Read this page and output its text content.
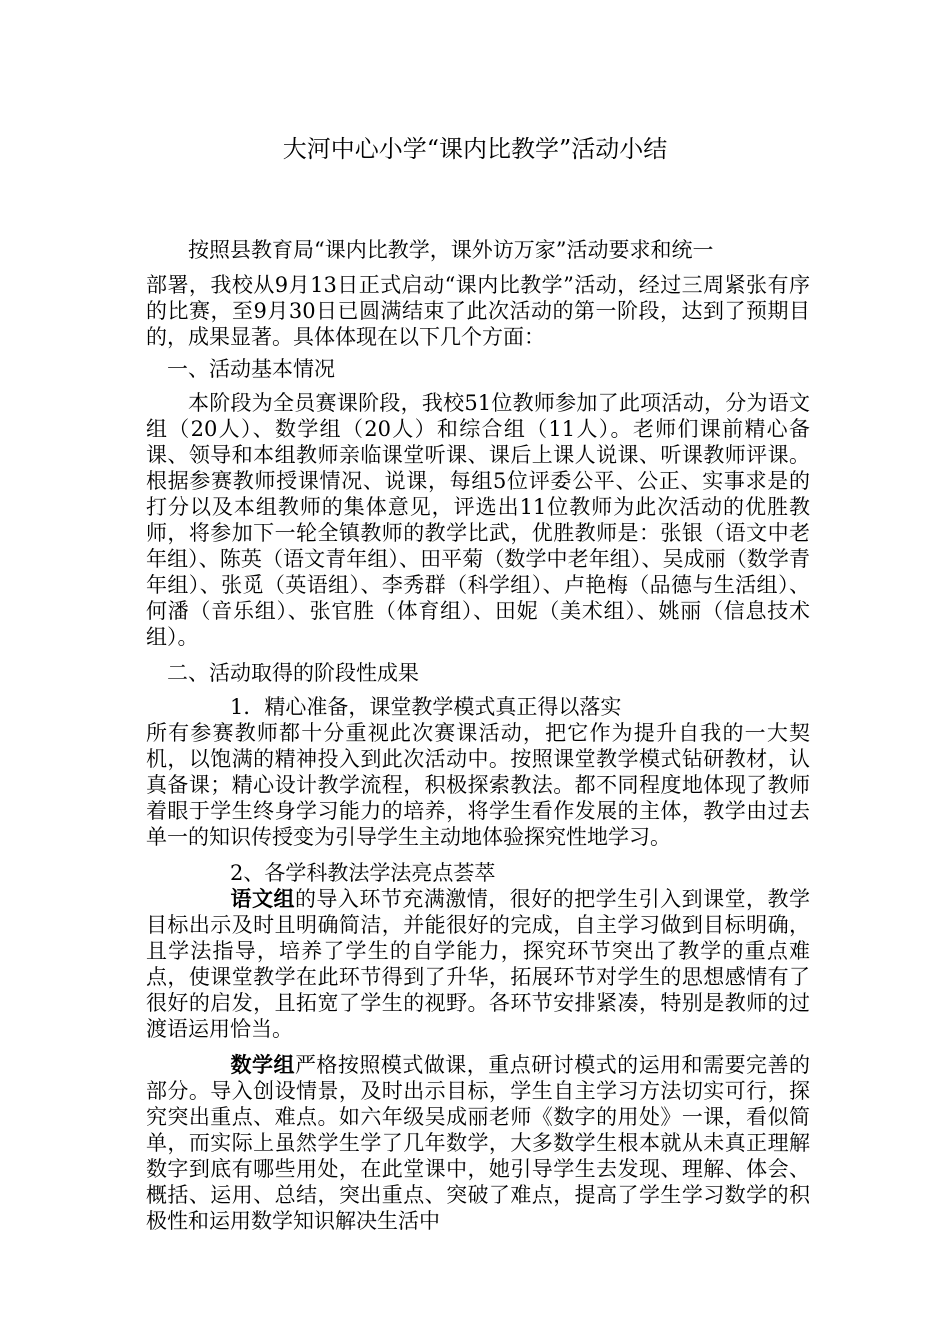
大河中心小学“课内比教学”活动小结

按照县教育局“课内比教学，课外访万家”活动要求和统一

部署，我校从9月13日正式启动“课内比教学”活动，经过三周紧张有序的比赛，至9月30日已圆满结束了此次活动的第一阶段，达到了预期目的，成果显著。具体体现在以下几个方面：

一、活动基本情况

本阶段为全员赛课阶段，我校51位教师参加了此项活动，分为语文组（20人）、数学组（20人）和综合组（11人）。老师们课前精心备课、领导和本组教师亲临课堂听课、课后上课人说课、听课教师评课。根据参赛教师授课情况、说课，每组5位评委公平、公正、实事求是的打分以及本组教师的集体意见，评选出11位教师为此次活动的优胜教师，将参加下一轮全镇教师的教学比武，优胜教师是：张银（语文中老年组）、陈英（语文青年组）、田平菊（数学中老年组）、吴成丽（数学青年组）、张觅（英语组）、李秀群（科学组）、卢艳梅（品德与生活组）、何潘（音乐组）、张官胜（体育组）、田妮（美术组）、姚丽（信息技术组）。

二、活动取得的阶段性成果

1．精心准备，课堂教学模式真正得以落实

所有参赛教师都十分重视此次赛课活动，把它作为提升自我的一大契机，以饱满的精神投入到此次活动中。按照课堂教学模式钻研教材，认真备课；精心设计教学流程，积极探索教法。都不同程度地体现了教师着眼于学生终身学习能力的培养，将学生看作发展的主体，教学由过去单一的知识传授变为引导学生主动地体验探究性地学习。

2、各学科教法学法亮点荟萃

语文组的导入环节充满激情，很好的把学生引入到课堂，教学目标出示及时且明确简洁，并能很好的完成，自主学习做到目标明确，且学法指导，培养了学生的自学能力，探究环节突出了教学的重点难点，使课堂教学在此环节得到了升华，拓展环节对学生的思想感情有了很好的启发，且拓宽了学生的视野。各环节安排紧凑，特别是教师的过渡语运用恰当。

数学组严格按照模式做课，重点研讨模式的运用和需要完善的部分。导入创设情景，及时出示目标，学生自主学习方法切实可行，探究突出重点、难点。如六年级吴成丽老师《数字的用处》一课，看似简单，而实际上虽然学生学了几年数学，大多数学生根本就从未真正理解数字到底有哪些用处，在此堂课中，她引导学生去发现、理解、体会、概括、运用、总结，突出重点、突破了难点，提高了学生学习数学的积极性和运用数学知识解决生活中
